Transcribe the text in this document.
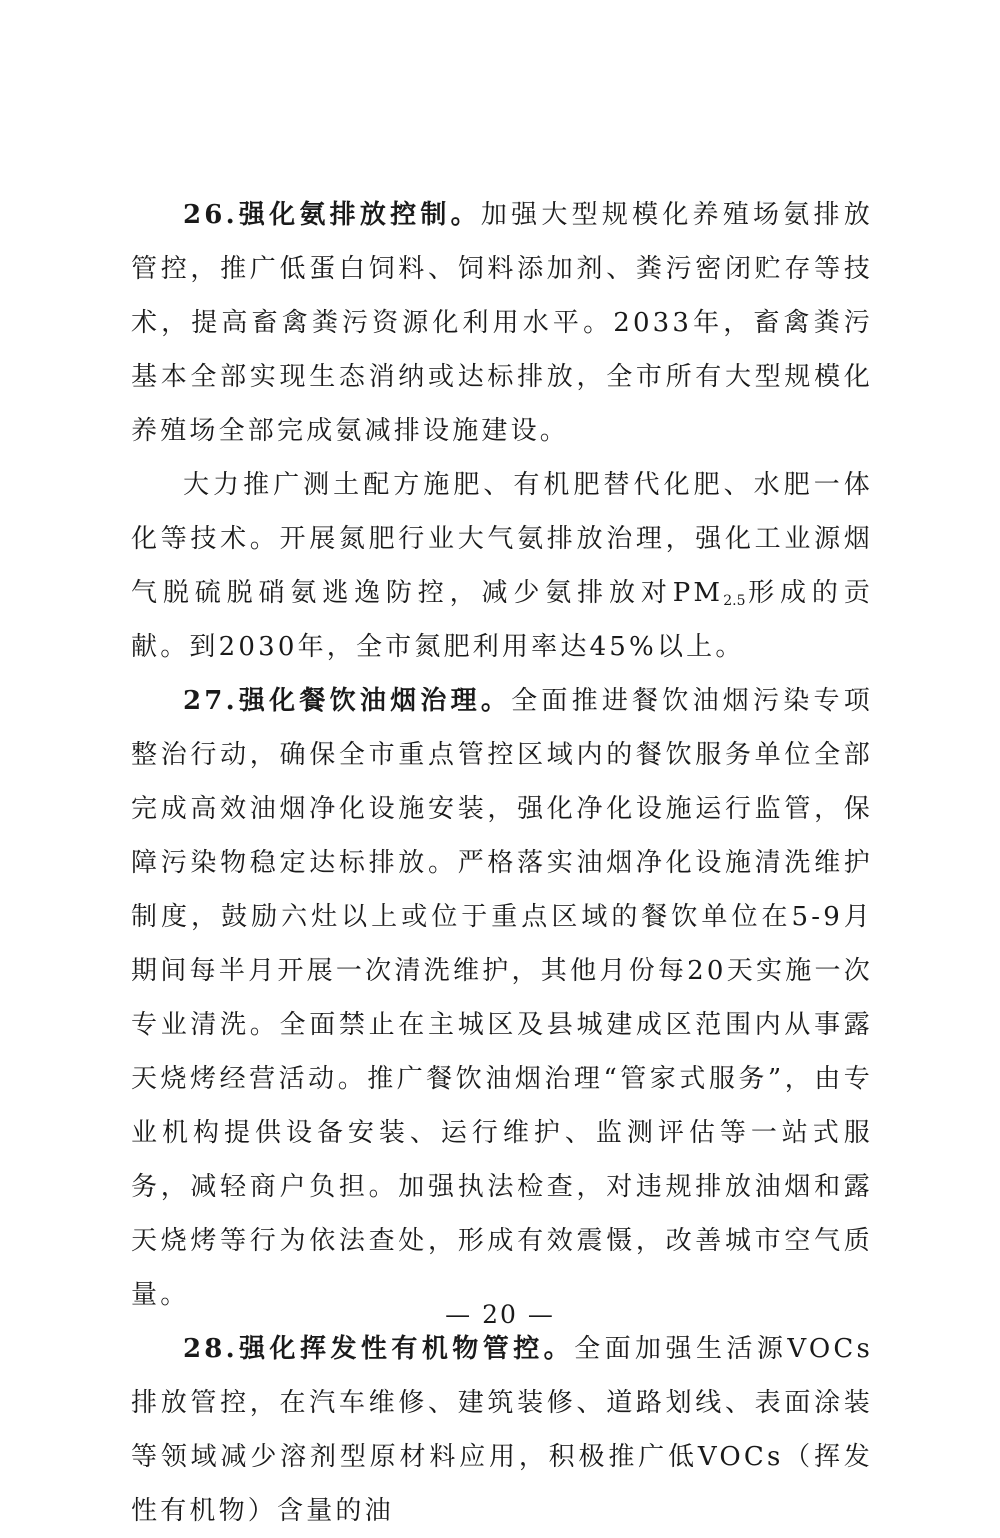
26.强化氨排放控制。加强大型规模化养殖场氨排放管控，推广低蛋白饲料、饲料添加剂、粪污密闭贮存等技术，提高畜禽粪污资源化利用水平。2033年，畜禽粪污基本全部实现生态消纳或达标排放，全市所有大型规模化养殖场全部完成氨减排设施建设。

大力推广测土配方施肥、有机肥替代化肥、水肥一体化等技术。开展氮肥行业大气氨排放治理，强化工业源烟气脱硫脱硝氨逃逸防控，减少氨排放对$PM_{2.5}$形成的贡献。到2030年，全市氮肥利用率达45%以上。

27.强化餐饮油烟治理。全面推进餐饮油烟污染专项整治行动，确保全市重点管控区域内的餐饮服务单位全部完成高效油烟净化设施安装，强化净化设施运行监管，保障污染物稳定达标排放。严格落实油烟净化设施清洗维护制度，鼓励六灶以上或位于重点区域的餐饮单位在5-9月期间每半月开展一次清洗维护，其他月份每20天实施一次专业清洗。全面禁止在主城区及县城建成区范围内从事露天烧烤经营活动。推广餐饮油烟治理“管家式服务”，由专业机构提供设备安装、运行维护、监测评估等一站式服务，减轻商户负担。加强执法检查，对违规排放油烟和露天烧烤等行为依法查处，形成有效震慑，改善城市空气质量。

28.强化挥发性有机物管控。全面加强生活源VOCs排放管控，在汽车维修、建筑装修、道路划线、表面涂装等领域减少溶剂型原材料应用，积极推广低VOCs（挥发性有机物）含量的油

— 20 —
